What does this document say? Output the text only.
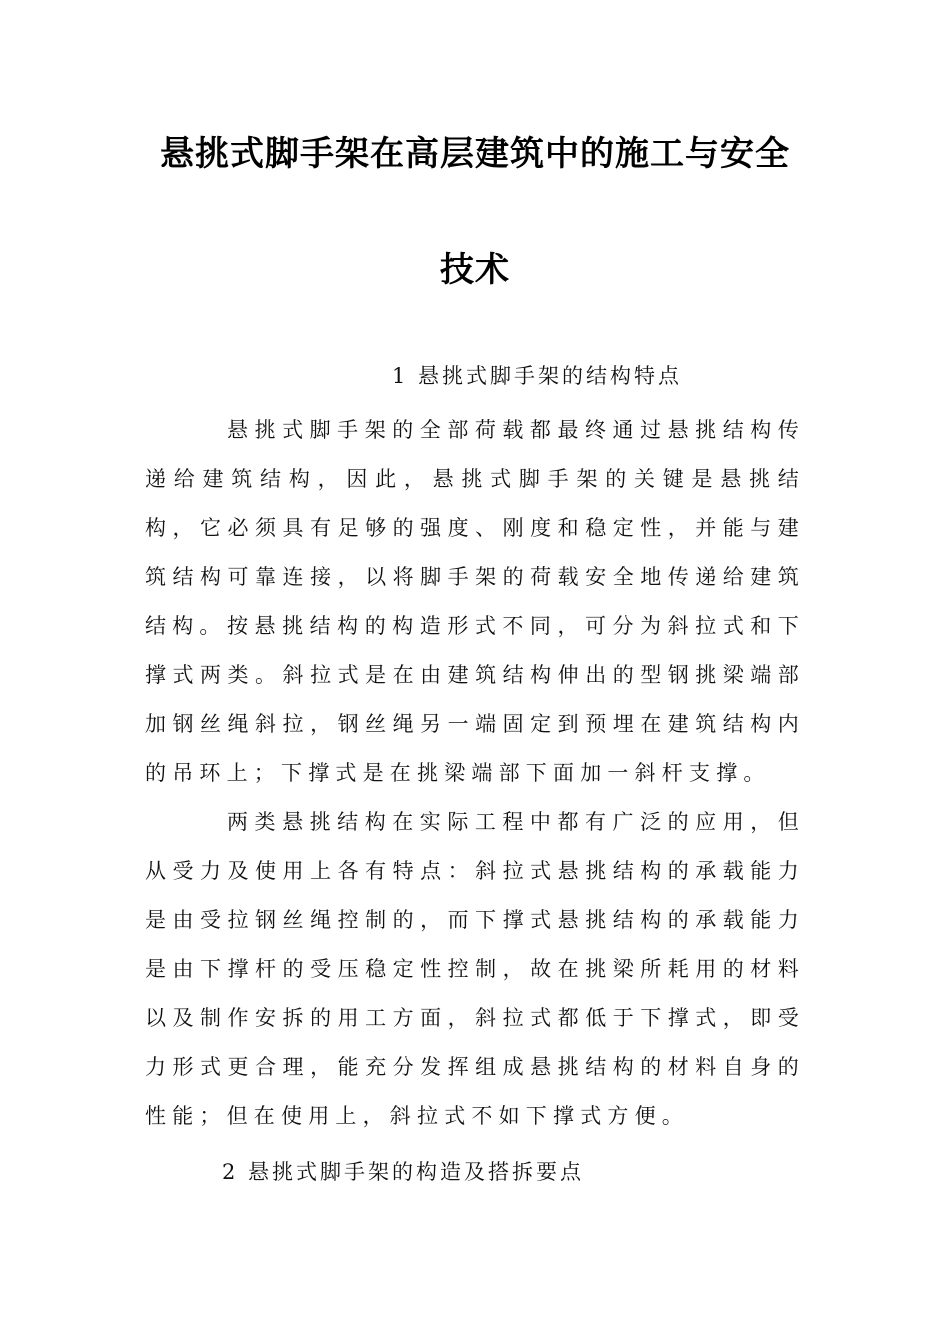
悬挑式脚手架在高层建筑中的施工与安全
技术
1 悬挑式脚手架的结构特点

悬挑式脚手架的全部荷载都最终通过悬挑结构传递给建筑结构，因此，悬挑式脚手架的关键是悬挑结构，它必须具有足够的强度、刚度和稳定性，并能与建筑结构可靠连接，以将脚手架的荷载安全地传递给建筑结构。 按悬挑结构的构造形式不同，可分为斜拉式和下撑式两类。斜拉式是在由建筑结构伸出的型钢挑梁端部加钢丝绳斜拉，钢丝绳另一端固定到预埋在建筑结构内的吊环上；下撑式是在挑梁端部下面加一斜杆支撑。

两类悬挑结构在实际工程中都有广泛的应用，但从受力及使用上各有特点：斜拉式悬挑结构的承载能力是由受拉钢丝绳控制的，而下撑式悬挑结构的承载能力是由下撑杆的受压稳定性控制，故在挑梁所耗用的材料以及制作安拆的用工方面，斜拉式都低于下撑式，即受力形式更合理，能充分发挥组成悬挑结构的材料自身的性能；但在使用上，斜拉式不如下撑式方便。

2 悬挑式脚手架的构造及搭拆要点
